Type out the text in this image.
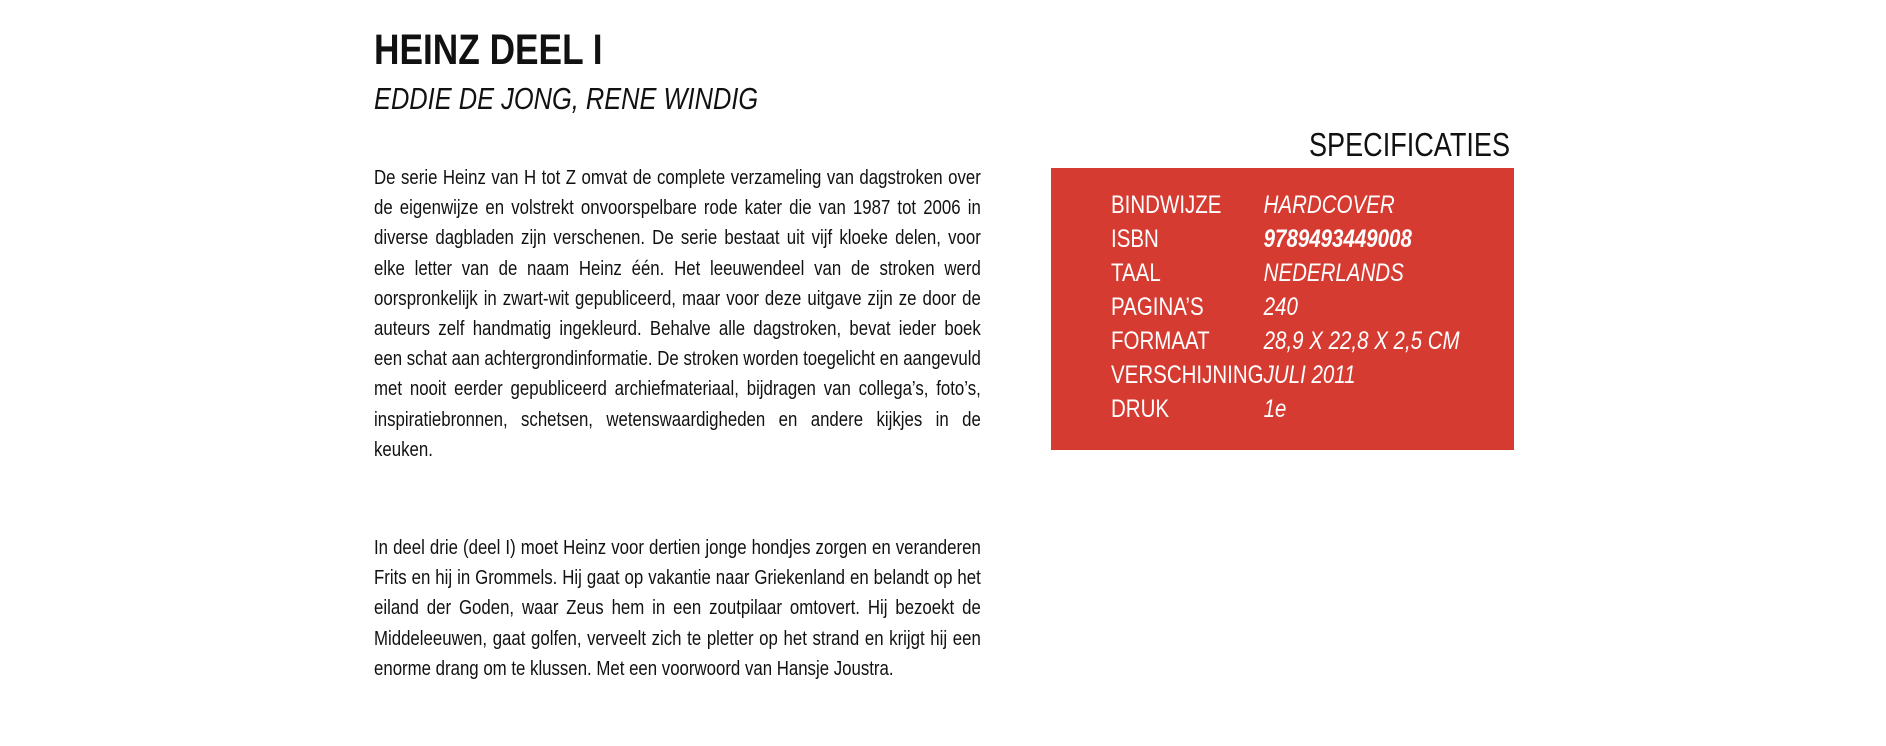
HEINZ DEEL I
EDDIE DE JONG, RENE WINDIG

De serie Heinz van H tot Z omvat de complete verzameling van dagstroken over de eigenwijze en volstrekt onvoorspelbare rode kater die van 1987 tot 2006 in diverse dagbladen zijn verschenen. De serie bestaat uit vijf kloeke delen, voor elke letter van de naam Heinz één. Het leeuwendeel van de stroken werd oorspronkelijk in zwart-wit gepubliceerd, maar voor deze uitgave zijn ze door de auteurs zelf handmatig ingekleurd. Behalve alle dagstroken, bevat ieder boek een schat aan achtergrondinformatie. De stroken worden toegelicht en aangevuld met nooit eerder gepubliceerd archiefmateriaal, bijdragen van collega’s, foto’s, inspiratiebronnen, schetsen, wetenswaardigheden en andere kijkjes in de keuken.

In deel drie (deel I) moet Heinz voor dertien jonge hondjes zorgen en veranderen Frits en hij in Grommels. Hij gaat op vakantie naar Griekenland en belandt op het eiland der Goden, waar Zeus hem in een zoutpilaar omtovert. Hij bezoekt de Middeleeuwen, gaat golfen, verveelt zich te pletter op het strand en krijgt hij een enorme drang om te klussen. Met een voorwoord van Hansje Joustra.

SPECIFICATIES
BINDWIJZE	HARDCOVER
ISBN	9789493449008
TAAL	NEDERLANDS
PAGINA’S	240
FORMAAT	28,9 X 22,8 X 2,5 CM
VERSCHIJNING	JULI 2011
DRUK	1e
